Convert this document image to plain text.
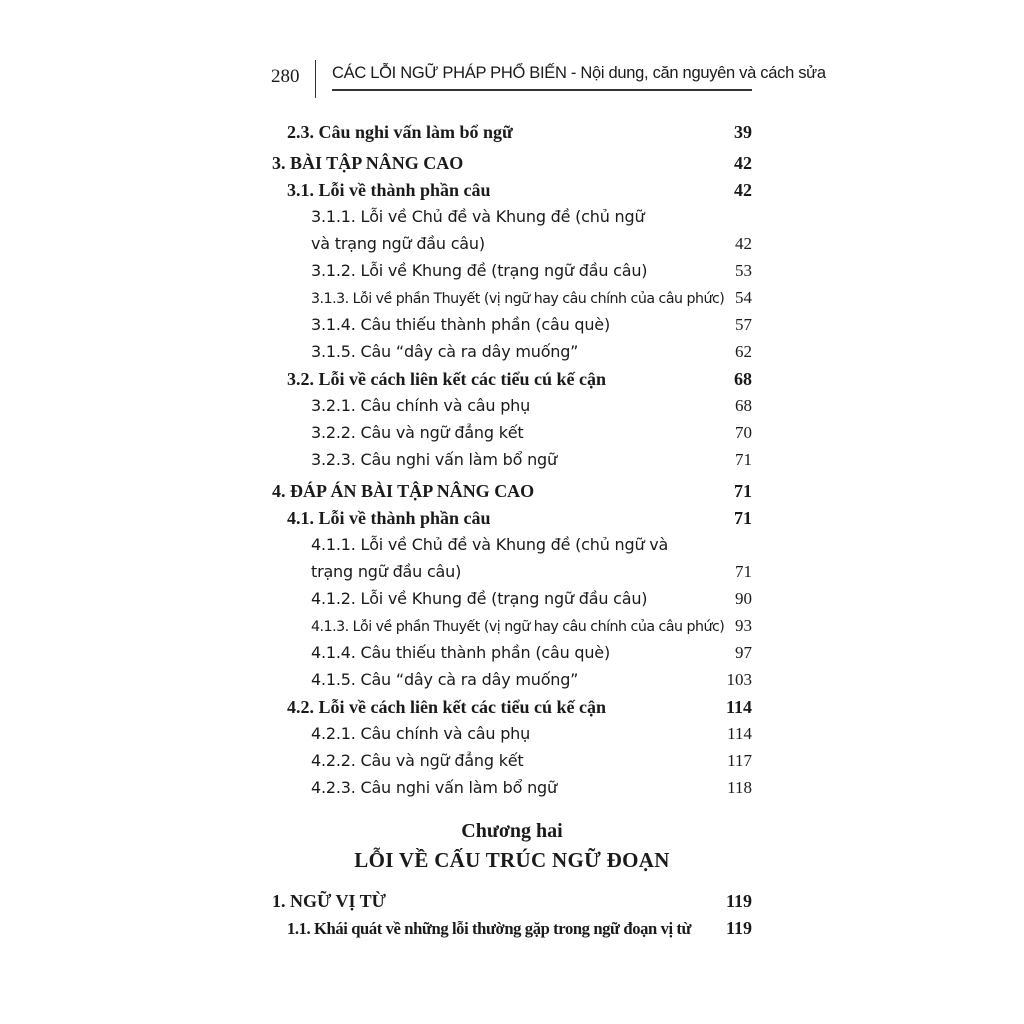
280 CÁC LỖI NGỮ PHÁP PHỔ BIẾN - Nội dung, căn nguyên và cách sửa
2.3. Câu nghi vấn làm bổ ngữ	39
3. BÀI TẬP NÂNG CAO	42
3.1. Lỗi về thành phần câu	42
3.1.1. Lỗi về Chủ đề và Khung đề (chủ ngữ
và trạng ngữ đầu câu)	42
3.1.2. Lỗi về Khung đề (trạng ngữ đầu câu)	53
3.1.3. Lỗi về phần Thuyết (vị ngữ hay câu chính của câu phức) 54
3.1.4. Câu thiếu thành phần (câu què)	57
3.1.5. Câu “dây cà ra dây muống”	62
3.2. Lỗi về cách liên kết các tiểu cú kế cận	68
3.2.1. Câu chính và câu phụ	68
3.2.2. Câu và ngữ đẳng kết	70
3.2.3. Câu nghi vấn làm bổ ngữ	71
4. ĐÁP ÁN BÀI TẬP NÂNG CAO	71
4.1. Lỗi về thành phần câu	71
4.1.1. Lỗi về Chủ đề và Khung đề (chủ ngữ và
trạng ngữ đầu câu)	71
4.1.2. Lỗi về Khung đề (trạng ngữ đầu câu)	90
4.1.3. Lỗi về phần Thuyết (vị ngữ hay câu chính của câu phức) 93
4.1.4. Câu thiếu thành phần (câu què)	97
4.1.5. Câu “dây cà ra dây muống”	103
4.2. Lỗi về cách liên kết các tiểu cú kế cận	114
4.2.1. Câu chính và câu phụ	114
4.2.2. Câu và ngữ đẳng kết	117
4.2.3. Câu nghi vấn làm bổ ngữ	118
Chương hai
LỖI VỀ CẤU TRÚC NGỮ ĐOẠN
1. NGỮ VỊ TỪ	119
1.1. Khái quát về những lỗi thường gặp trong ngữ đoạn vị từ	119
